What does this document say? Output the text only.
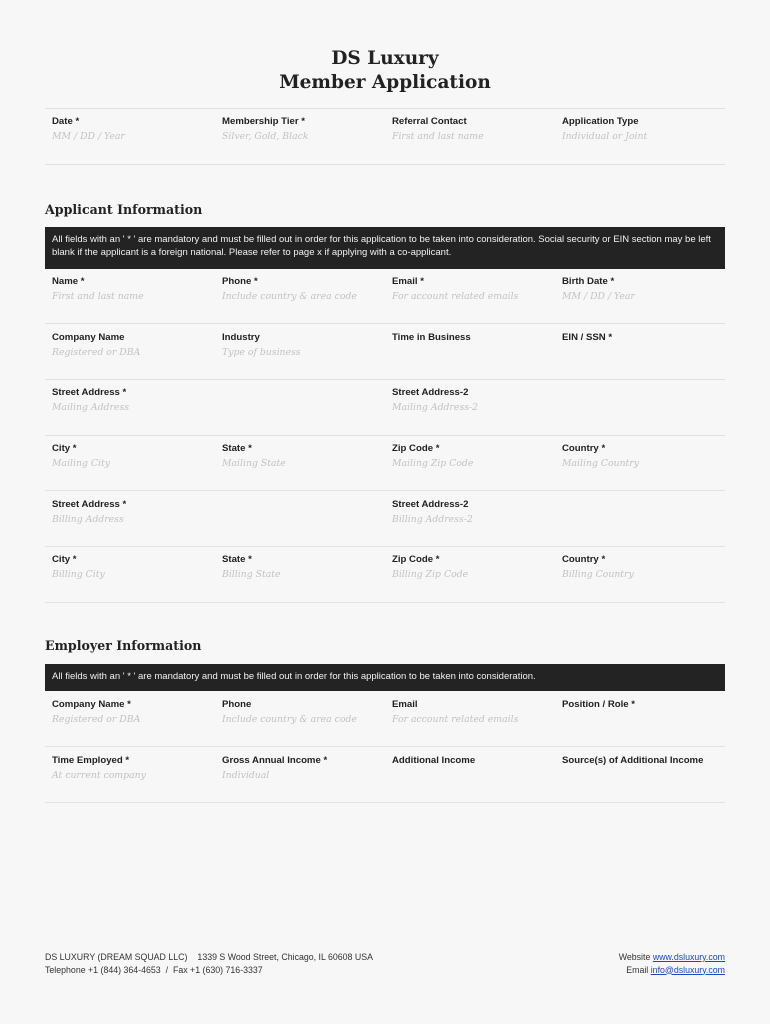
DS Luxury
Member Application
Date *
MM / DD / Year
Membership Tier *
Silver, Gold, Black
Referral Contact
First and last name
Application Type
Individual or Joint
Applicant Information
All fields with an ' * ' are mandatory and must be filled out in order for this application to be taken into consideration. Social security or EIN section may be left blank if the applicant is a foreign national. Please refer to page x if applying with a co-applicant.
Name *
First and last name
Phone *
Include country & area code
Email *
For account related emails
Birth Date *
MM / DD / Year
Company Name
Registered or DBA
Industry
Type of business
Time in Business	EIN / SSN *
Street Address *
Mailing Address
Street Address-2
Mailing Address-2
City *
Mailing City
State *
Mailing State
Zip Code *
Mailing Zip Code
Country *
Mailing Country
Street Address *
Billing Address
Street Address-2
Billing Address-2
City *
Billing City
State *
Billing State
Zip Code *
Billing Zip Code
Country *
Billing Country
Employer Information
All fields with an ' * ' are mandatory and must be filled out in order for this application to be taken into consideration.
Company Name *
Registered or DBA
Phone
Include country & area code
Email
For account related emails
Position / Role *
Time Employed *
At current company
Gross Annual Income *
Individual
Additional Income	Source(s) of Additional Income
DS LUXURY (DREAM SQUAD LLC) 1339 S Wood Street, Chicago, IL 60608 USA
Telephone +1 (844) 364-4653 / Fax +1 (630) 716-3337
Website www.dsluxury.com
Email info@dsluxury.com
